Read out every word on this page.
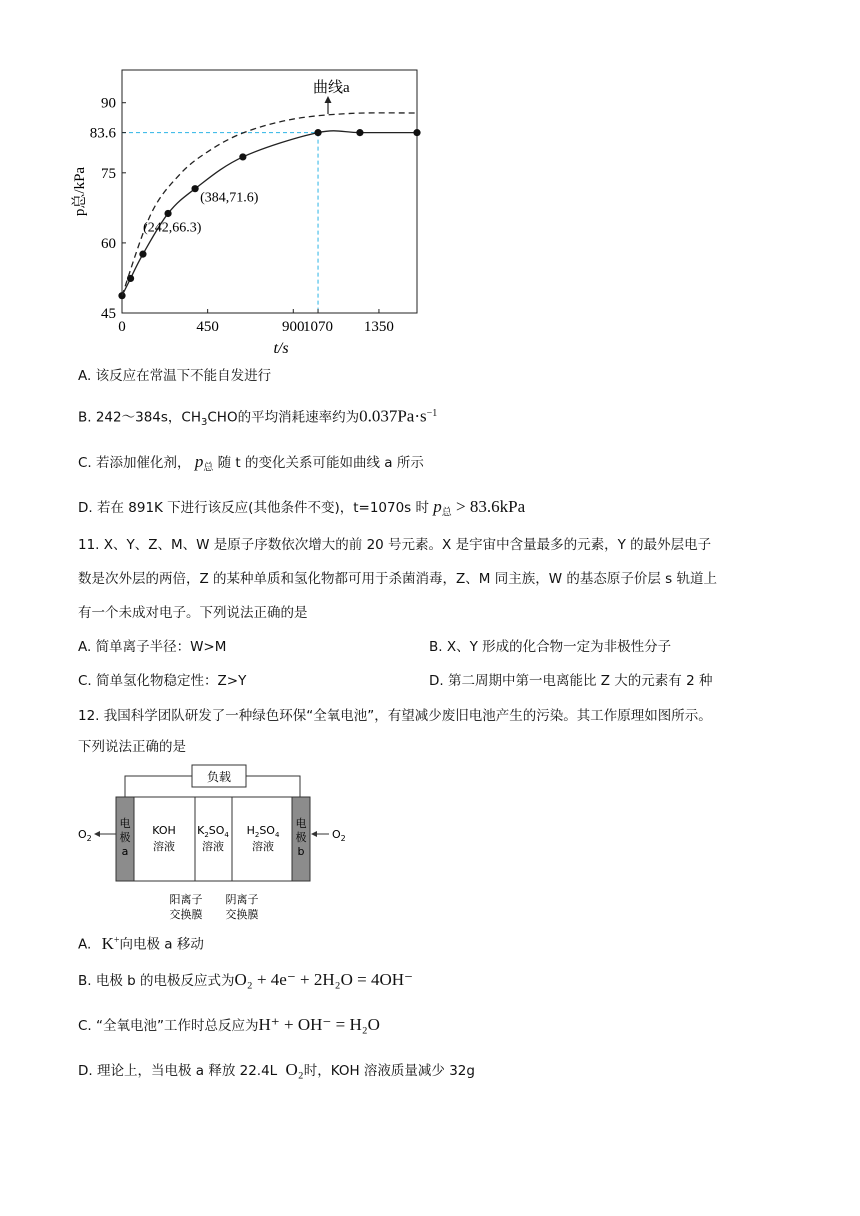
45
60
75
83.6
90
0	450	900
1070 1350
曲线a
(384,71.6)
(242,66.3)
t/s
p总/kPa
A. 该反应在常温下不能自发进行
B. 242～384s，$CH_3CHO$的平均消耗速率约为$0.037Pa\cdot s^{-1}$
C. 若添加催化剂， $p_总$ 随 t 的变化关系可能如曲线 a 所示
D. 若在 891K 下进行该反应(其他条件不变)，t=1070s 时 $p_总 > 83.6kPa$
11. X、Y、Z、M、W 是原子序数依次增大的前 20 号元素。X 是宇宙中含量最多的元素，Y 的最外层电子
数是次外层的两倍，Z 的某种单质和氢化物都可用于杀菌消毒，Z、M 同主族，W 的基态原子价层 s 轨道上
有一个未成对电子。下列说法正确的是
A. 简单离子半径：W>M	B. X、Y 形成的化合物一定为非极性分子
C. 简单氢化物稳定性：Z>Y	D. 第二周期中第一电离能比 Z 大的元素有 2 种
12. 我国科学团队研发了一种绿色环保“全氧电池”，有望减少废旧电池产生的污染。其工作原理如图所示。
下列说法正确的是
负载
电
极
a
电
极
b
$O_2$	$O_2$
KOH
溶液
$K_2SO_4$
溶液
$H_2SO_4$
溶液
阳离子
交换膜
阴离子
交换膜
A. K+向电极 a 移动
B. 电极 b 的电极反应式为O₂ + 4e⁻ + 2H₂O = 4OH⁻
C. “全氧电池”工作时总反应为H⁺ + OH⁻ = H₂O
D. 理论上，当电极 a 释放 22.4L O₂时，KOH 溶液质量减少 32g
